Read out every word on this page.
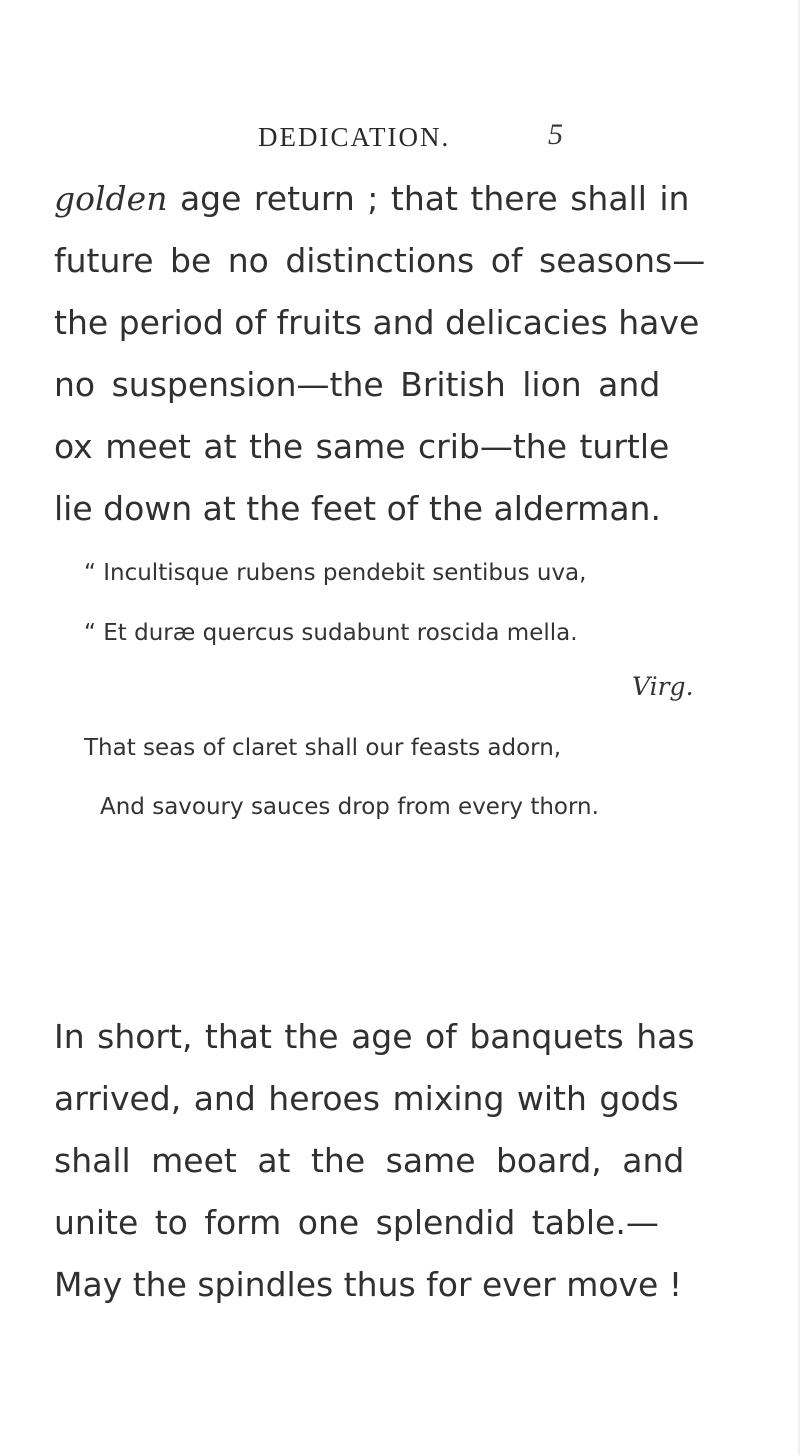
DEDICATION.	5

golden age return ; that there shall in
future be no distinctions of seasons—
the period of fruits and delicacies have
no suspension—the British lion and
ox meet at the same crib—the turtle
lie down at the feet of the alderman.

“ Incultisque rubens pendebit sentibus uva,
“ Et duræ quercus sudabunt roscida mella.
Virg.
That seas of claret shall our feasts adorn,
And savoury sauces drop from every thorn.

In short, that the age of banquets has
arrived, and heroes mixing with gods
shall meet at the same board, and
unite to form one splendid table.—
May the spindles thus for ever move !
